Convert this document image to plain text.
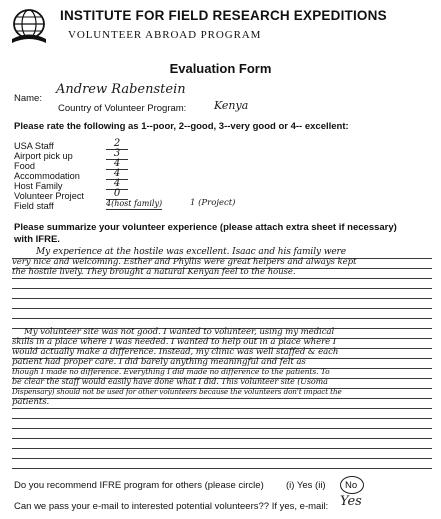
INSTITUTE FOR FIELD RESEARCH EXPEDITIONS
VOLUNTEER ABROAD PROGRAM
Evaluation Form
Name:
Andrew Rabenstein
Country of Volunteer Program:	Kenya
Please rate the following as 1--poor, 2--good, 3--very good or 4-- excellent:
USA Staff	2
Airport pick up	3
Food	4
Accommodation	4
Host Family	4
Volunteer Project	0
Field staff	4(host family)	1 (Project)
Please summarize your volunteer experience (please attach extra sheet if necessary)
with IFRE.
My experience at the hostile was excellent. Isaac and his family were
very nice and welcoming. Esther and Phyllis were great helpers and always kept
the hostile lively. They brought a natural Kenyan feel to the house.
My volunteer site was not good. I wanted to volunteer, using my medical
skills in a place where I was needed. I wanted to help out in a place where I
would actually make a difference. Instead, my clinic was well staffed & each
patient had proper care. I did barely anything meaningful and felt as
though I made no difference. Everything I did made no difference to the patients. To
be clear the staff would easily have done what I did. This volunteer site (Usoma
Dispensary) should not be used for other volunteers because the volunteers don't impact the
patients.
Do you recommend IFRE program for others (please circle) (i) Yes (ii) No
Can we pass your e-mail to interested potential volunteers?? If yes, e-mail: Yes
